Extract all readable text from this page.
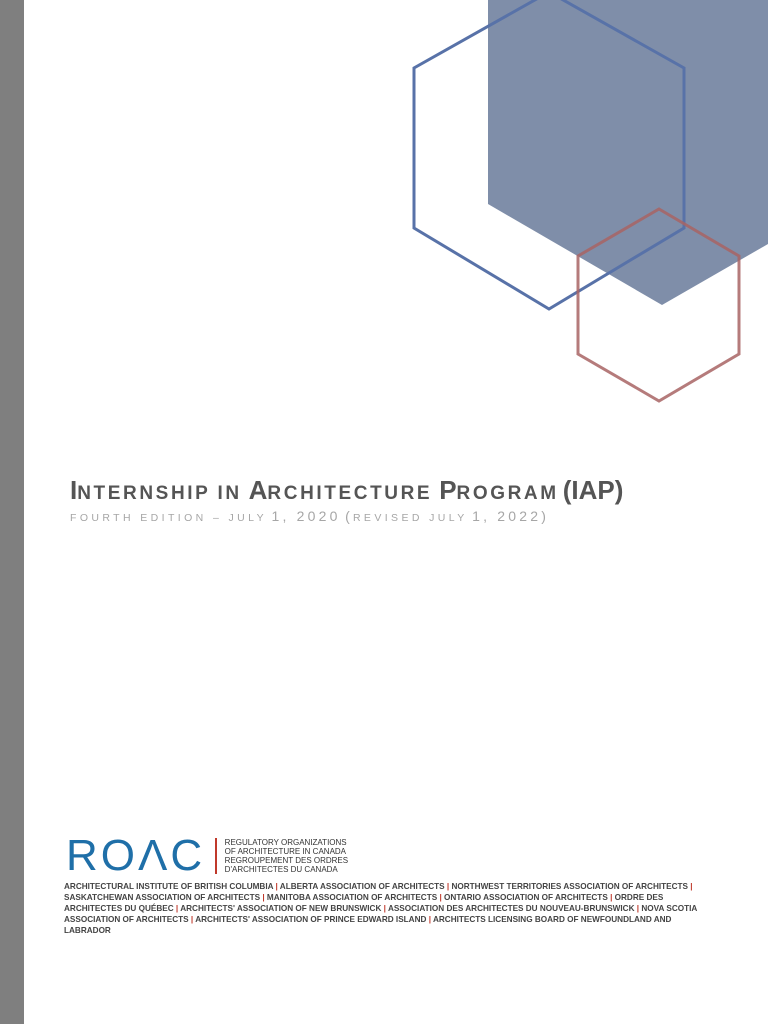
INTERNSHIP IN ARCHITECTURE PROGRAM (IAP)
FOURTH EDITION – JULY 1, 2020 (REVISED JULY 1, 2022)
ROΛC REGULATORY ORGANIZATIONS
OF ARCHITECTURE IN CANADA
REGROUPEMENT DES ORDRES
D'ARCHITECTES DU CANADA
ARCHITECTURAL INSTITUTE OF BRITISH COLUMBIA | ALBERTA ASSOCIATION OF ARCHITECTS | NORTHWEST TERRITORIES ASSOCIATION OF ARCHITECTS | SASKATCHEWAN ASSOCIATION OF ARCHITECTS | MANITOBA ASSOCIATION OF ARCHITECTS | ONTARIO ASSOCIATION OF ARCHITECTS | ORDRE DES ARCHITECTES DU QUÉBEC | ARCHITECTS' ASSOCIATION OF NEW BRUNSWICK | ASSOCIATION DES ARCHITECTES DU NOUVEAU-BRUNSWICK | NOVA SCOTIA ASSOCIATION OF ARCHITECTS | ARCHITECTS' ASSOCIATION OF PRINCE EDWARD ISLAND | ARCHITECTS LICENSING BOARD OF NEWFOUNDLAND AND LABRADOR
